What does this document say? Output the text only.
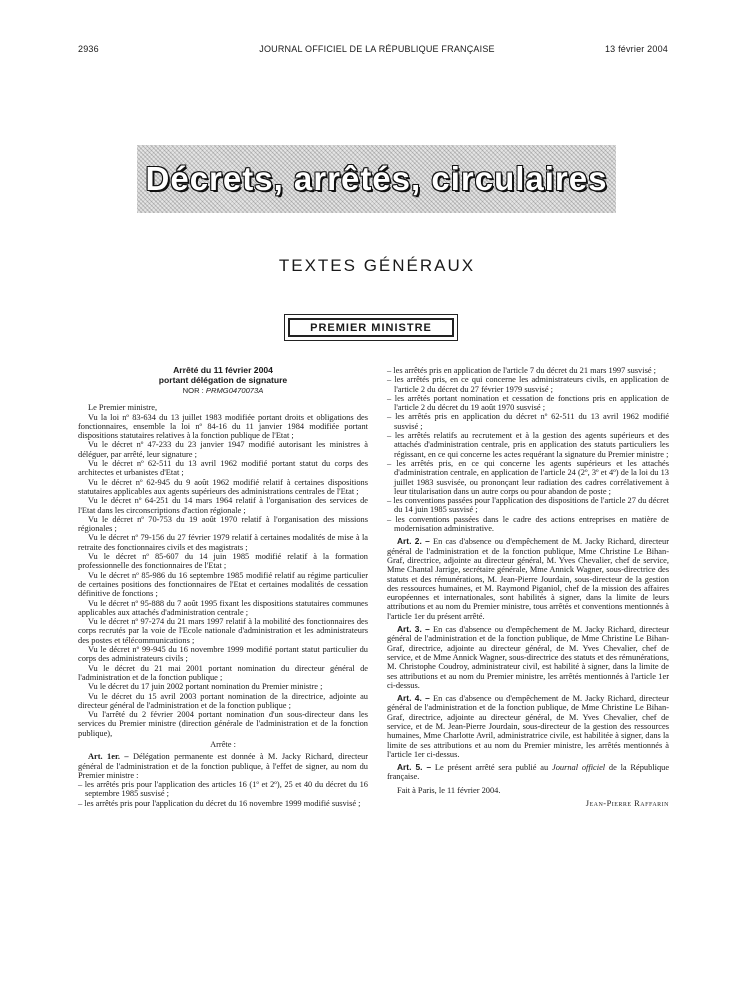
2936	JOURNAL OFFICIEL DE LA RÉPUBLIQUE FRANÇAISE	13 février 2004
Décrets, arrêtés, circulaires
TEXTES GÉNÉRAUX
PREMIER MINISTRE
Arrêté du 11 février 2004
portant délégation de signature
NOR : PRMG0470073A

Le Premier ministre,

Vu la loi nº 83-634 du 13 juillet 1983 modifiée portant droits et obligations des fonctionnaires, ensemble la loi nº 84-16 du 11 janvier 1984 modifiée portant dispositions statutaires relatives à la fonction publique de l'Etat ;

Vu le décret nº 47-233 du 23 janvier 1947 modifié autorisant les ministres à déléguer, par arrêté, leur signature ;

Vu le décret nº 62-511 du 13 avril 1962 modifié portant statut du corps des architectes et urbanistes d'Etat ;

Vu le décret nº 62-945 du 9 août 1962 modifié relatif à certaines dispositions statutaires applicables aux agents supérieurs des administrations centrales de l'Etat ;

Vu le décret nº 64-251 du 14 mars 1964 relatif à l'organisation des services de l'Etat dans les circonscriptions d'action régionale ;

Vu le décret nº 70-753 du 19 août 1970 relatif à l'organisation des missions régionales ;

Vu le décret nº 79-156 du 27 février 1979 relatif à certaines modalités de mise à la retraite des fonctionnaires civils et des magistrats ;

Vu le décret nº 85-607 du 14 juin 1985 modifié relatif à la formation professionnelle des fonctionnaires de l'Etat ;

Vu le décret nº 85-986 du 16 septembre 1985 modifié relatif au régime particulier de certaines positions des fonctionnaires de l'Etat et certaines modalités de cessation définitive de fonctions ;

Vu le décret nº 95-888 du 7 août 1995 fixant les dispositions statutaires communes applicables aux attachés d'administration centrale ;

Vu le décret nº 97-274 du 21 mars 1997 relatif à la mobilité des fonctionnaires des corps recrutés par la voie de l'Ecole nationale d'administration et les administrateurs des postes et télécommunications ;

Vu le décret nº 99-945 du 16 novembre 1999 modifié portant statut particulier du corps des administrateurs civils ;

Vu le décret du 21 mai 2001 portant nomination du directeur général de l'administration et de la fonction publique ;

Vu le décret du 17 juin 2002 portant nomination du Premier ministre ;

Vu le décret du 15 avril 2003 portant nomination de la directrice, adjointe au directeur général de l'administration et de la fonction publique ;

Vu l'arrêté du 2 février 2004 portant nomination d'un sous-directeur dans les services du Premier ministre (direction générale de l'administration et de la fonction publique),

Arrête :

Art. 1er. – Délégation permanente est donnée à M. Jacky Richard, directeur général de l'administration et de la fonction publique, à l'effet de signer, au nom du Premier ministre :

– les arrêtés pris pour l'application des articles 16 (1º et 2º), 25 et 40 du décret du 16 septembre 1985 susvisé ;

– les arrêtés pris pour l'application du décret du 16 novembre 1999 modifié susvisé ;

– les arrêtés pris en application de l'article 7 du décret du 21 mars 1997 susvisé ;

– les arrêtés pris, en ce qui concerne les administrateurs civils, en application de l'article 2 du décret du 27 février 1979 susvisé ;

– les arrêtés portant nomination et cessation de fonctions pris en application de l'article 2 du décret du 19 août 1970 susvisé ;

– les arrêtés pris en application du décret nº 62-511 du 13 avril 1962 modifié susvisé ;

– les arrêtés relatifs au recrutement et à la gestion des agents supérieurs et des attachés d'administration centrale, pris en application des statuts particuliers les régissant, en ce qui concerne les actes requérant la signature du Premier ministre ;

– les arrêtés pris, en ce qui concerne les agents supérieurs et les attachés d'administration centrale, en application de l'article 24 (2º, 3º et 4º) de la loi du 13 juillet 1983 susvisée, ou prononçant leur radiation des cadres corrélativement à leur titularisation dans un autre corps ou pour abandon de poste ;

– les conventions passées pour l'application des dispositions de l'article 27 du décret du 14 juin 1985 susvisé ;

– les conventions passées dans le cadre des actions entreprises en matière de modernisation administrative.

Art. 2. – En cas d'absence ou d'empêchement de M. Jacky Richard, directeur général de l'administration et de la fonction publique, Mme Christine Le Bihan-Graf, directrice, adjointe au directeur général, M. Yves Chevalier, chef de service, Mme Chantal Jarrige, secrétaire générale, Mme Annick Wagner, sous-directrice des statuts et des rémunérations, M. Jean-Pierre Jourdain, sous-directeur de la gestion des ressources humaines, et M. Raymond Piganiol, chef de la mission des affaires européennes et internationales, sont habilités à signer, dans la limite de leurs attributions et au nom du Premier ministre, tous arrêtés et conventions mentionnés à l'article 1er du présent arrêté.

Art. 3. – En cas d'absence ou d'empêchement de M. Jacky Richard, directeur général de l'administration et de la fonction publique, de Mme Christine Le Bihan-Graf, directrice, adjointe au directeur général, de M. Yves Chevalier, chef de service, et de Mme Annick Wagner, sous-directrice des statuts et des rémunérations, M. Christophe Coudroy, administrateur civil, est habilité à signer, dans la limite de ses attributions et au nom du Premier ministre, les arrêtés mentionnés à l'article 1er ci-dessus.

Art. 4. – En cas d'absence ou d'empêchement de M. Jacky Richard, directeur général de l'administration et de la fonction publique, de Mme Christine Le Bihan-Graf, directrice, adjointe au directeur général, de M. Yves Chevalier, chef de service, et de M. Jean-Pierre Jourdain, sous-directeur de la gestion des ressources humaines, Mme Charlotte Avril, administratrice civile, est habilitée à signer, dans la limite de ses attributions et au nom du Premier ministre, les arrêtés mentionnés à l'article 1er ci-dessus.

Art. 5. – Le présent arrêté sera publié au Journal officiel de la République française.

Fait à Paris, le 11 février 2004.

Jean-Pierre Raffarin
